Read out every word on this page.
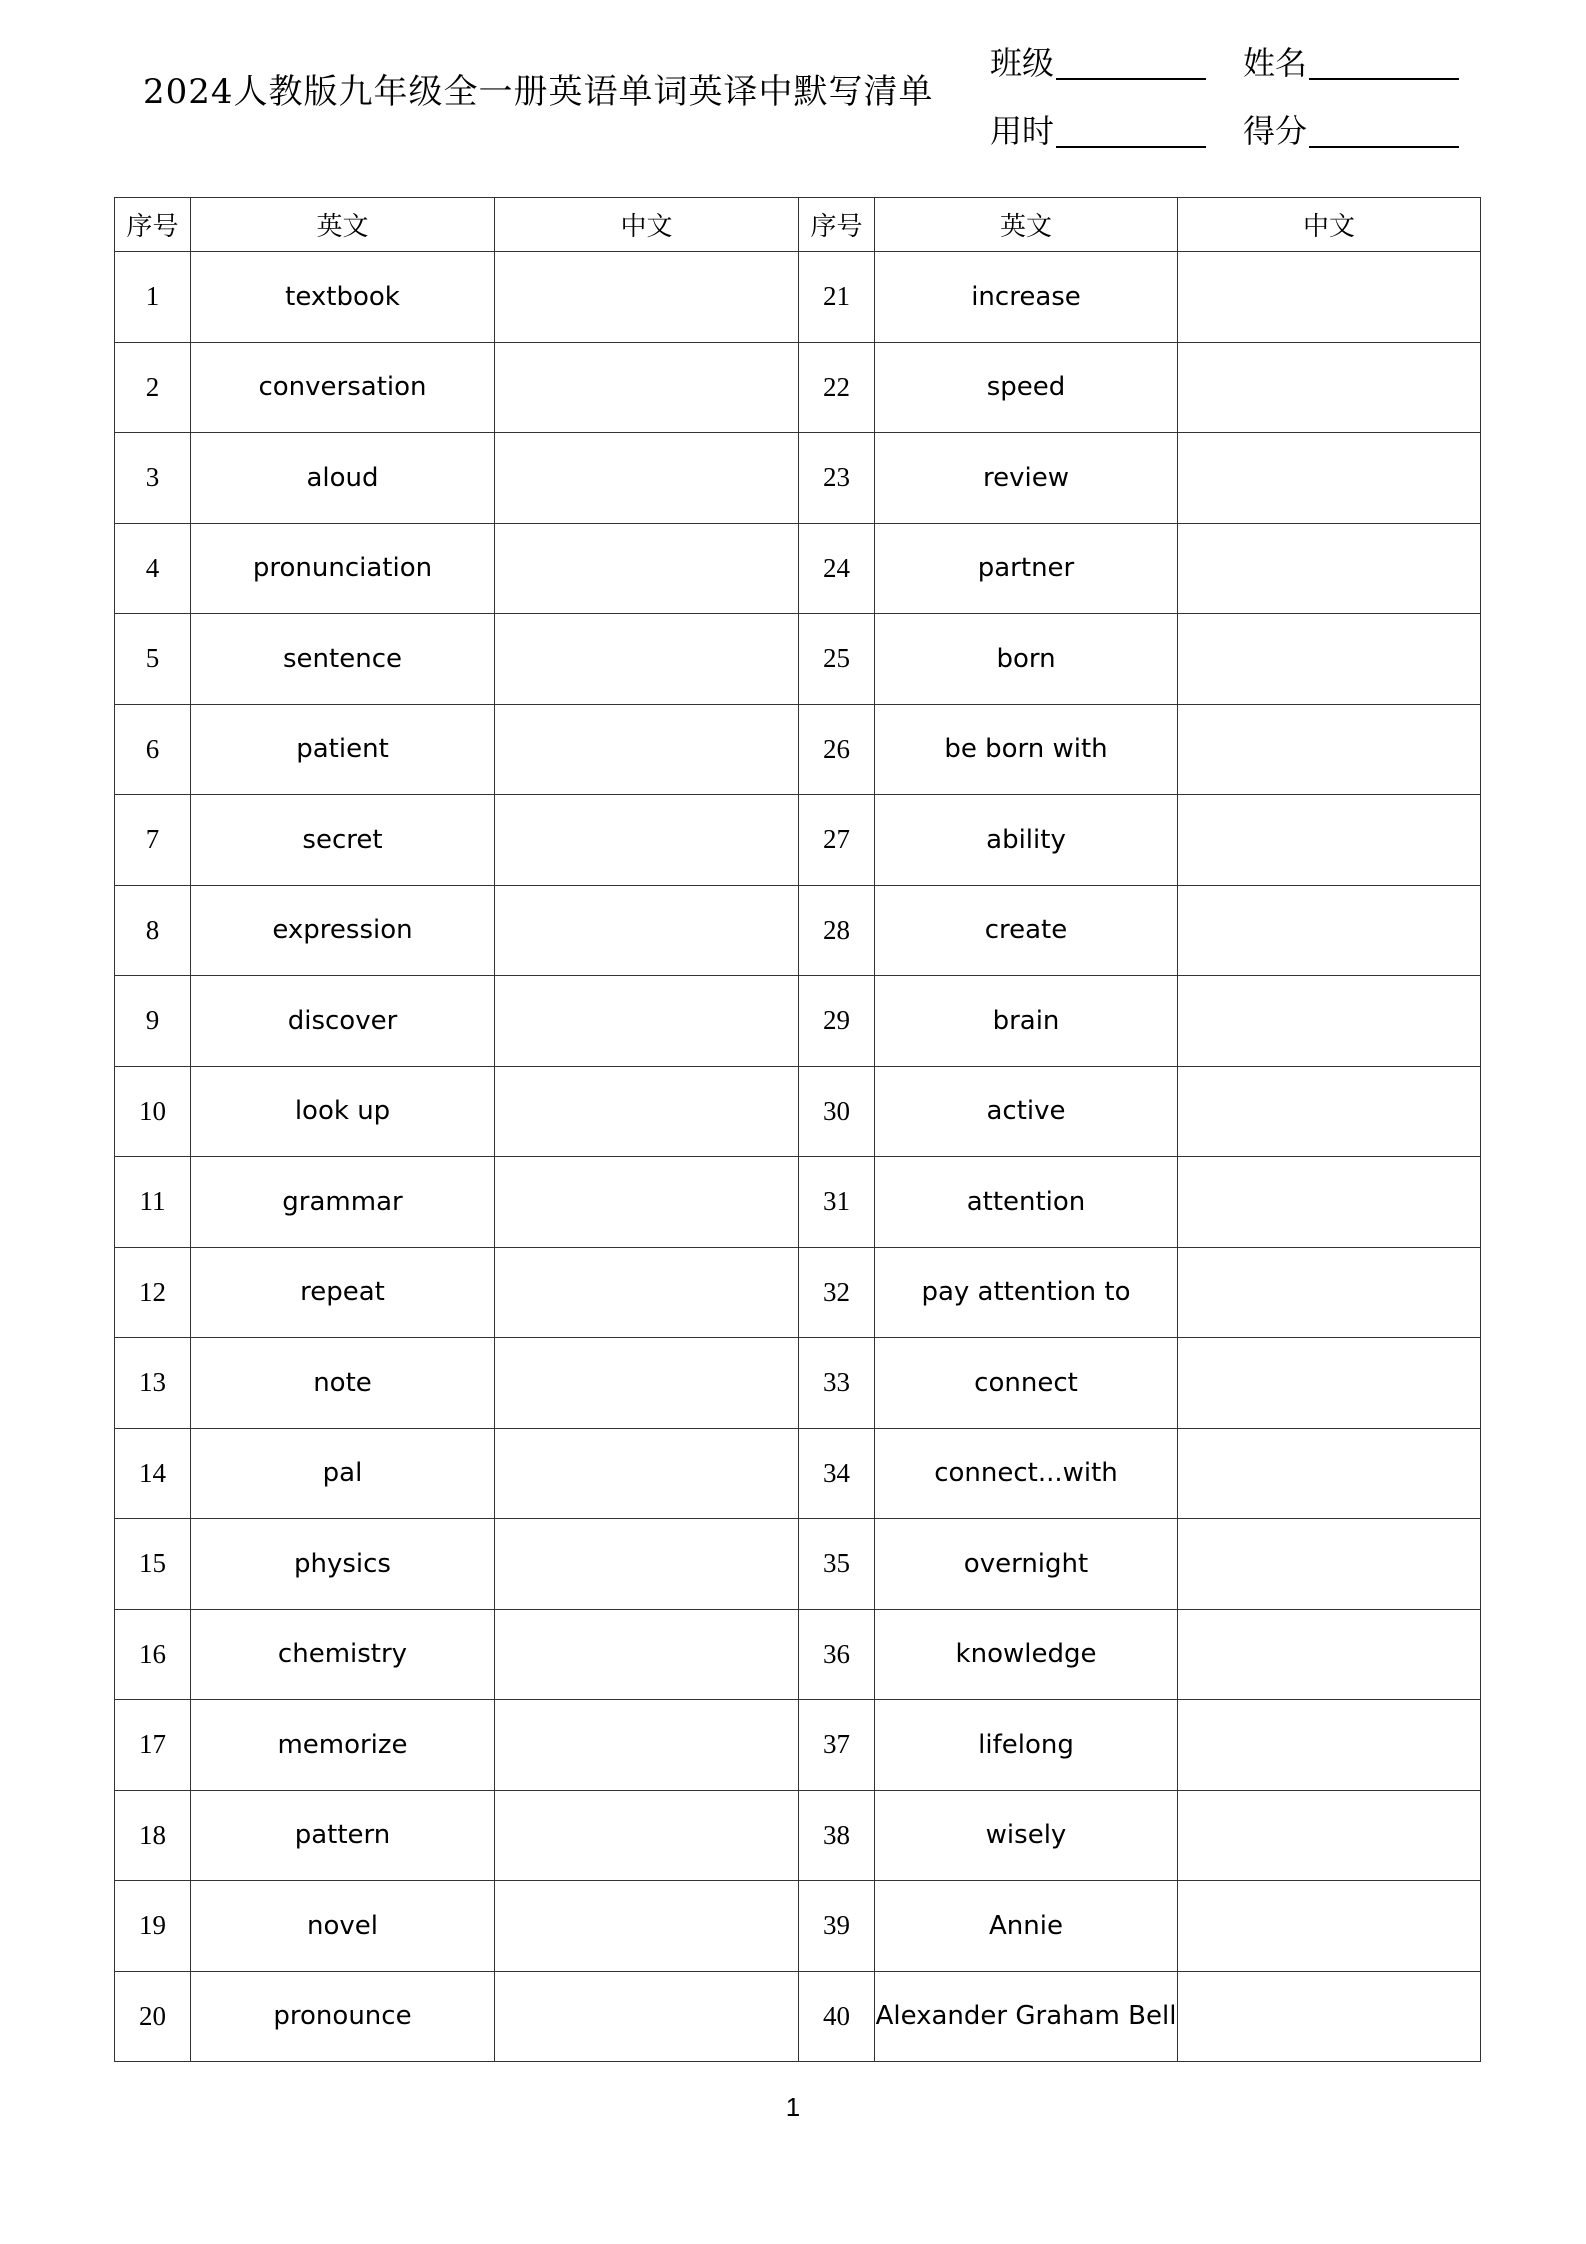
2024人教版九年级全一册英语单词英译中默写清单
班级	姓名
用时	得分
序号	英文	中文	序号	英文	中文
1	textbook		21	increase	
2	conversation		22	speed	
3	aloud		23	review	
4	pronunciation		24	partner	
5	sentence		25	born	
6	patient		26	be born with	
7	secret		27	ability	
8	expression		28	create	
9	discover		29	brain	
10	look up		30	active	
11	grammar		31	attention	
12	repeat		32	pay attention to	
13	note		33	connect	
14	pal		34	connect...with	
15	physics		35	overnight	
16	chemistry		36	knowledge	
17	memorize		37	lifelong	
18	pattern		38	wisely	
19	novel		39	Annie	
20	pronounce		40	Alexander Graham Bell	
1
